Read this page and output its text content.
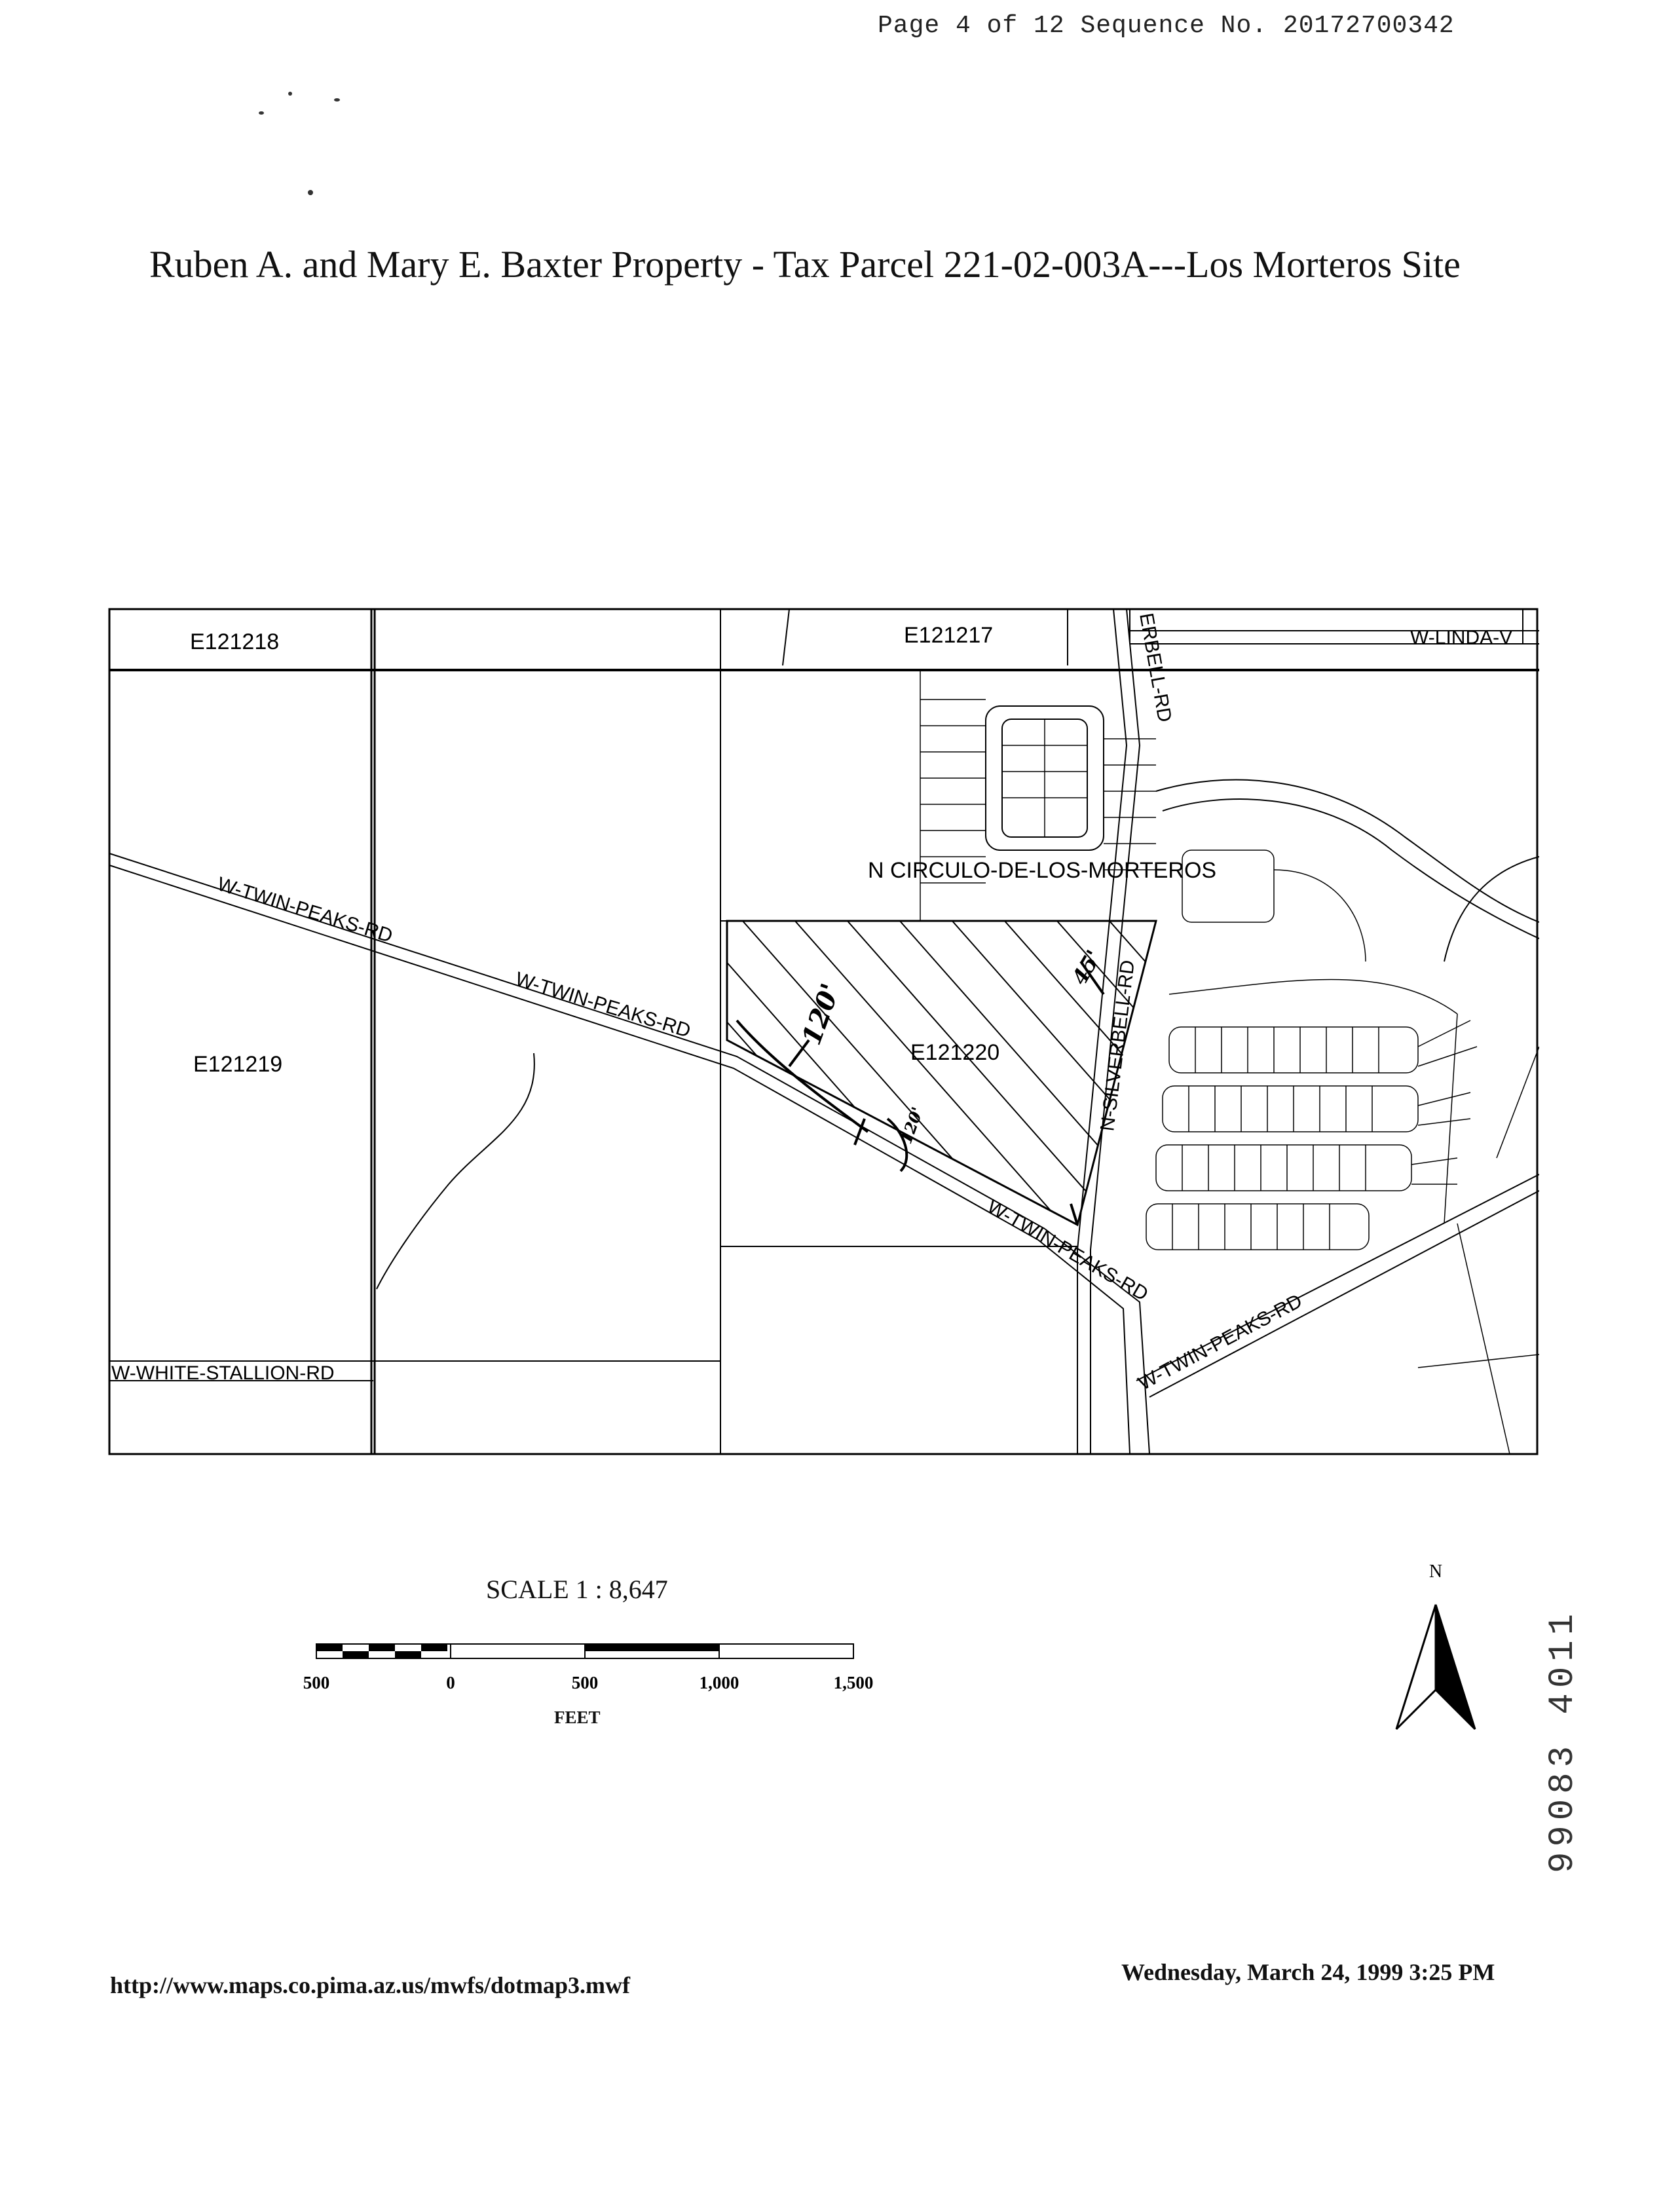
Page 4 of 12 Sequence No. 20172700342
Ruben A. and Mary E. Baxter Property - Tax Parcel 221-02-003A---Los Morteros Site
E121218	E121217
E121219	E121220
N CIRCULO-DE-LOS-MORTEROS
W-LINDA-V
W-TWIN-PEAKS-RD
W-TWIN-PEAKS-RD
W-TWIN-PEAKS-RD
W-TWIN-PEAKS-RD
W-WHITE-STALLION-RD
ERBELL-RD
N-SILVERBELL-RD
120'
120'
45'
SCALE 1 : 8,647
500	0	500	1,000	1,500
FEET
N
99083 4011
http://www.maps.co.pima.az.us/mwfs/dotmap3.mwf	Wednesday, March 24, 1999 3:25 PM
